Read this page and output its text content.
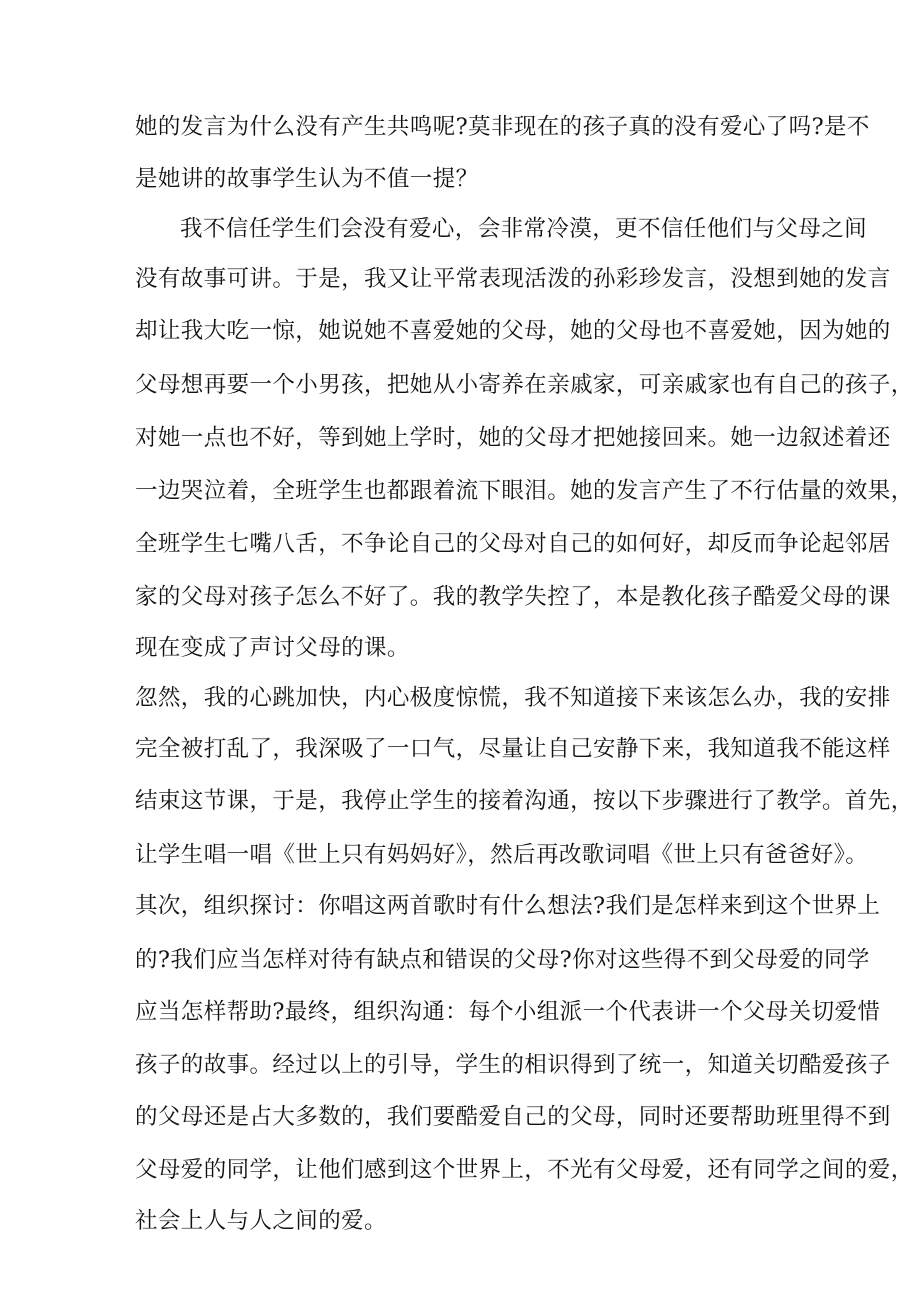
她的发言为什么没有产生共鸣呢?莫非现在的孩子真的没有爱心了吗?是不
是她讲的故事学生认为不值一提？
我不信任学生们会没有爱心，会非常冷漠，更不信任他们与父母之间
没有故事可讲。于是，我又让平常表现活泼的孙彩珍发言，没想到她的发言
却让我大吃一惊，她说她不喜爱她的父母，她的父母也不喜爱她，因为她的
父母想再要一个小男孩，把她从小寄养在亲戚家，可亲戚家也有自己的孩子，
对她一点也不好，等到她上学时，她的父母才把她接回来。她一边叙述着还
一边哭泣着，全班学生也都跟着流下眼泪。她的发言产生了不行估量的效果，
全班学生七嘴八舌，不争论自己的父母对自己的如何好，却反而争论起邻居
家的父母对孩子怎么不好了。我的教学失控了，本是教化孩子酷爱父母的课
现在变成了声讨父母的课。
忽然，我的心跳加快，内心极度惊慌，我不知道接下来该怎么办，我的安排
完全被打乱了，我深吸了一口气，尽量让自己安静下来，我知道我不能这样
结束这节课，于是，我停止学生的接着沟通，按以下步骤进行了教学。首先，
让学生唱一唱《世上只有妈妈好》，然后再改歌词唱《世上只有爸爸好》。
其次，组织探讨：你唱这两首歌时有什么想法?我们是怎样来到这个世界上
的?我们应当怎样对待有缺点和错误的父母?你对这些得不到父母爱的同学
应当怎样帮助?最终，组织沟通：每个小组派一个代表讲一个父母关切爱惜
孩子的故事。经过以上的引导，学生的相识得到了统一，知道关切酷爱孩子
的父母还是占大多数的，我们要酷爱自己的父母，同时还要帮助班里得不到
父母爱的同学，让他们感到这个世界上，不光有父母爱，还有同学之间的爱，
社会上人与人之间的爱。
